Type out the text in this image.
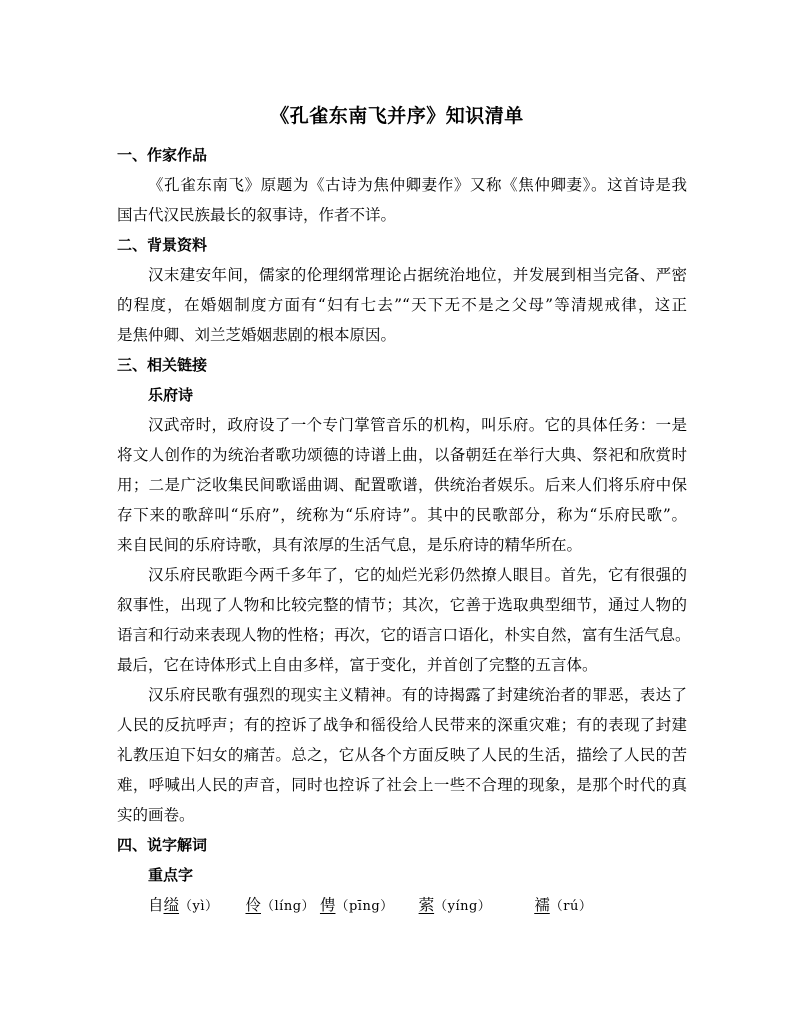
《孔雀东南飞并序》知识清单
一、作家作品
《孔雀东南飞》原题为《古诗为焦仲卿妻作》又称《焦仲卿妻》。这首诗是我
国古代汉民族最长的叙事诗，作者不详。
二、背景资料
汉末建安年间，儒家的伦理纲常理论占据统治地位，并发展到相当完备、严密
的程度，在婚姻制度方面有“妇有七去”“天下无不是之父母”等清规戒律，这正
是焦仲卿、刘兰芝婚姻悲剧的根本原因。
三、相关链接
乐府诗
汉武帝时，政府设了一个专门掌管音乐的机构，叫乐府。它的具体任务：一是
将文人创作的为统治者歌功颂德的诗谱上曲，以备朝廷在举行大典、祭祀和欣赏时
用；二是广泛收集民间歌谣曲调、配置歌谱，供统治者娱乐。后来人们将乐府中保
存下来的歌辞叫“乐府”，统称为“乐府诗”。其中的民歌部分，称为“乐府民歌”。
来自民间的乐府诗歌，具有浓厚的生活气息，是乐府诗的精华所在。
汉乐府民歌距今两千多年了，它的灿烂光彩仍然撩人眼目。首先，它有很强的
叙事性，出现了人物和比较完整的情节；其次，它善于选取典型细节，通过人物的
语言和行动来表现人物的性格；再次，它的语言口语化，朴实自然，富有生活气息。
最后，它在诗体形式上自由多样，富于变化，并首创了完整的五言体。
汉乐府民歌有强烈的现实主义精神。有的诗揭露了封建统治者的罪恶，表达了
人民的反抗呼声；有的控诉了战争和徭役给人民带来的深重灾难；有的表现了封建
礼教压迫下妇女的痛苦。总之，它从各个方面反映了人民的生活，描绘了人民的苦
难，呼喊出人民的声音，同时也控诉了社会上一些不合理的现象，是那个时代的真
实的画卷。
四、说字解词
重点字
自缢（yì） 伶（líng） 俜（pīng） 萦（yíng）	襦（rú）
